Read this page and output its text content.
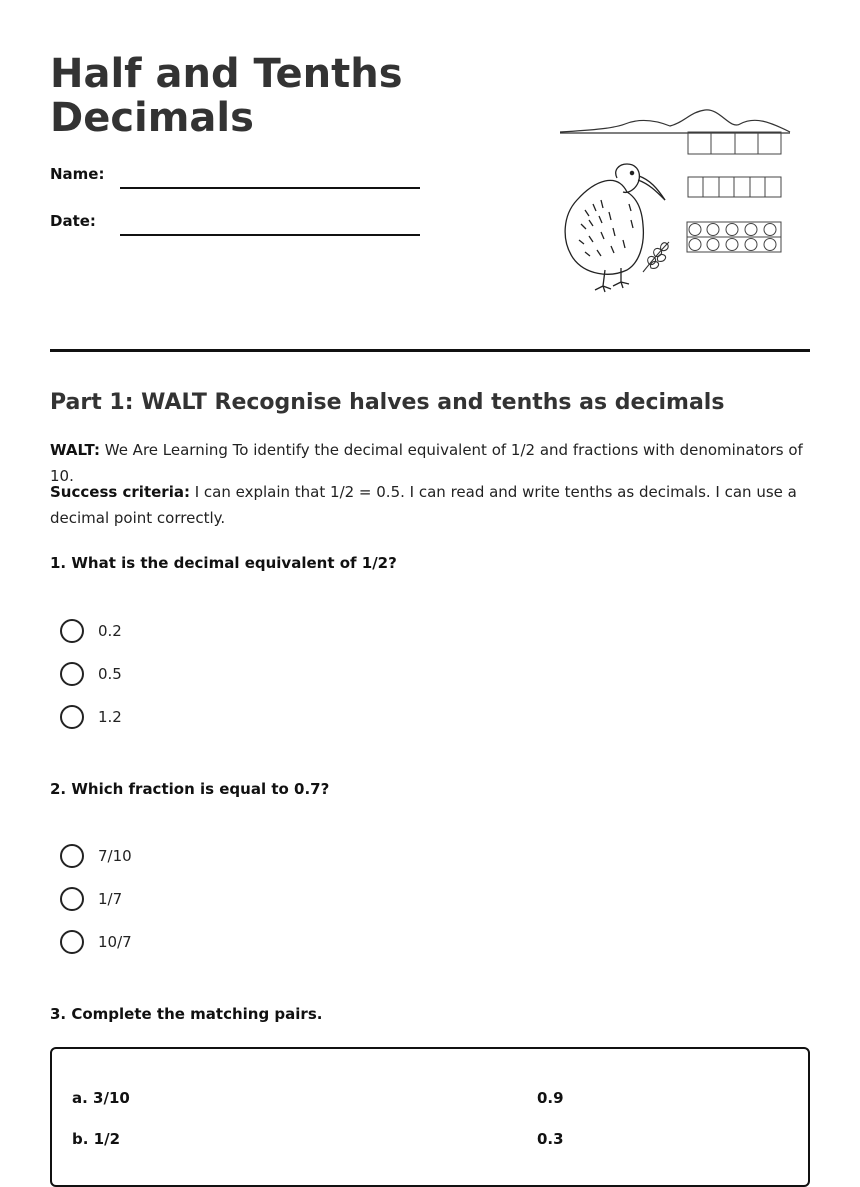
Half and Tenths
Decimals
Name:
Date:
Part 1: WALT Recognise halves and tenths as decimals

WALT: We Are Learning To identify the decimal equivalent of 1/2 and fractions with denominators of 10.

Success criteria: I can explain that 1/2 = 0.5. I can read and write tenths as decimals. I can use a decimal point correctly.

1. What is the decimal equivalent of 1/2?

0.2
0.5
1.2

2. Which fraction is equal to 0.7?

7/10
1/7
10/7

3. Complete the matching pairs.

a. 3/10	0.9
b. 1/2	0.3
